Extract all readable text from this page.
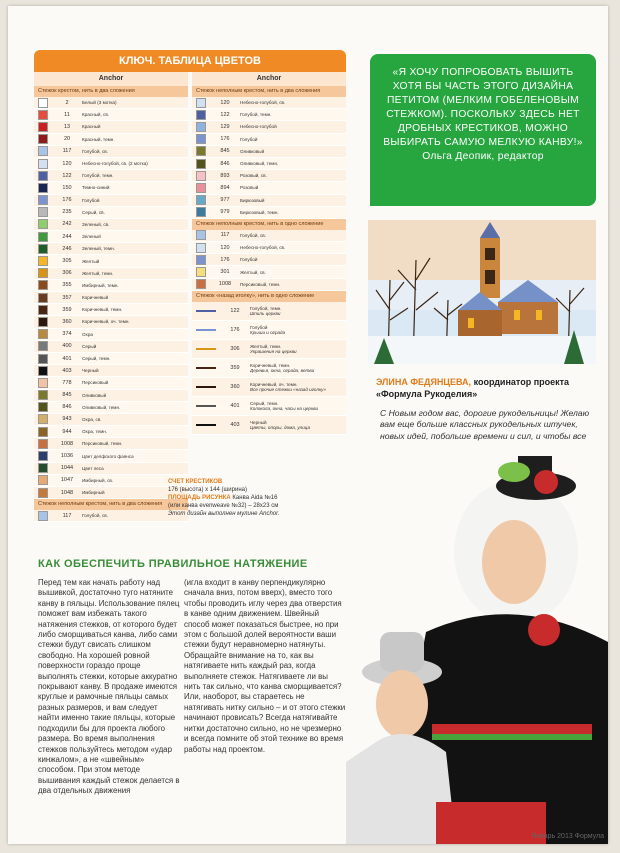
КЛЮЧ. ТАБЛИЦА ЦВЕТОВ
Anchor
Стежок крестом, нить в два сложения
2	Белый (3 мотка)
11	Красный, св.
13	Красный
20	Красный, темн.
117	Голубой, св.
120	Небесно-голубой, св. (2 мотка)
122	Голубой, темн.
150	Темно-синий
176	Голубой
235	Серый, св.
242	Зеленый, св.
244	Зеленый
246	Зеленый, темн.
305	Желтый
306	Желтый, темн.
355	Имбирный, темн.
357	Коричневый
359	Коричневый, темн.
360	Коричневый, оч. темн.
374	Охра
400	Серый
401	Серый, темн.
403	Черный
778	Персиковый
845	Оливковый
846	Оливковый, темн.
943	Охра, св.
944	Охра, темн.
1008	Персиковый, темн.
1036	Цвет делфского фаянса
1044	Цвет леса
1047	Имбирный, св.
1048	Имбирный
Стежок неполным крестом, нить в два сложения
117	Голубой, св.
Anchor
Стежок неполным крестом, нить в два сложения
120	Небесно-голубой, св.
122	Голубой, темн.
129	Небесно-голубой
176	Голубой
845	Оливковый
846	Оливковый, темн.
893	Розовый, св.
894	Розовый
977	Бирюзовый
979	Бирюзовый, темн.
Стежок неполным крестом, нить в одно сложение
117	Голубой, св.
120	Небесно-голубой, св.
176	Голубой
301	Желтый, св.
1008	Персиковый, темн.
Стежок «назад иголку», нить в одно сложение
122	Голубой, темн.
Шпиль церкви
176	Голубой
Крыши и ограда
306	Желтый, темн.
Украшения на церкви
359	Коричневый, темн.
Деревья, окна, ограда, ветви
360	Коричневый, оч. темн.
Все прочие стежки «назад иголку»
401	Серый, темн.
Колокола, окна, часы на церкви
403	Черный
Цветы, опоры, дома, улица
СЧЕТ КРЕСТИКОВ
176 (высота) x 144 (ширина)
ПЛОЩАДЬ РИСУНКА Канва Aida №16
(или канва evenweave №32) – 28x23 см
Этот дизайн выполнен мулине Anchor.
«Я ХОЧУ ПОПРОБОВАТЬ ВЫШИТЬ ХОТЯ БЫ ЧАСТЬ ЭТОГО ДИЗАЙНА ПЕТИТОМ (МЕЛКИМ ГОБЕЛЕНОВЫМ СТЕЖКОМ). ПОСКОЛЬКУ ЗДЕСЬ НЕТ ДРОБНЫХ КРЕСТИКОВ, МОЖНО ВЫБИРАТЬ САМУЮ МЕЛКУЮ КАНВУ!» Ольга Деопик, редактор
ЭЛИНА ФЕДЯНЦЕВА, координатор проекта «Формула Рукоделия»
С Новым годом вас, дорогие рукодельницы! Желаю вам еще больше классных рукодельных штучек, новых идей, побольше времени и сил, и чтобы все
КАК ОБЕСПЕЧИТЬ ПРАВИЛЬНОЕ НАТЯЖЕНИЕ
Перед тем как начать работу над вышивкой, достаточно туго натяните канву в пяльцы. Использование пялец поможет вам избежать такого натяжения стежков, от которого будет либо сморщиваться канва, либо сами стежки будут свисать слишком свободно. На хорошей ровной поверхности гораздо проще выполнять стежки, которые аккуратно покрывают канву. В продаже имеются круглые и рамочные пяльцы самых разных размеров, и вам следует найти именно такие пяльцы, которые подходили бы для проекта любого размера. Во время выполнения стежков пользуйтесь методом «удар кинжалом», а не «швейным» способом. При этом методе вышивания каждый стежок делается в два отдельных движения
(игла входит в канву перпендикулярно сначала вниз, потом вверх), вместо того чтобы проводить иглу через два отверстия в канве одним движением. Швейный способ может показаться быстрее, но при этом с большой долей вероятности ваши стежки будут неравномерно натянуты. Обращайте внимание на то, как вы натягиваете нить каждый раз, когда выполняете стежок. Натягиваете ли вы нить так сильно, что канва сморщивается? Или, наоборот, вы стараетесь не натягивать нитку сильно – и от этого стежки начинают провисать? Всегда натягивайте нитки достаточно сильно, но не чрезмерно и всегда помните об этой технике во время работы над проектом.
Январь 2013 Формула
